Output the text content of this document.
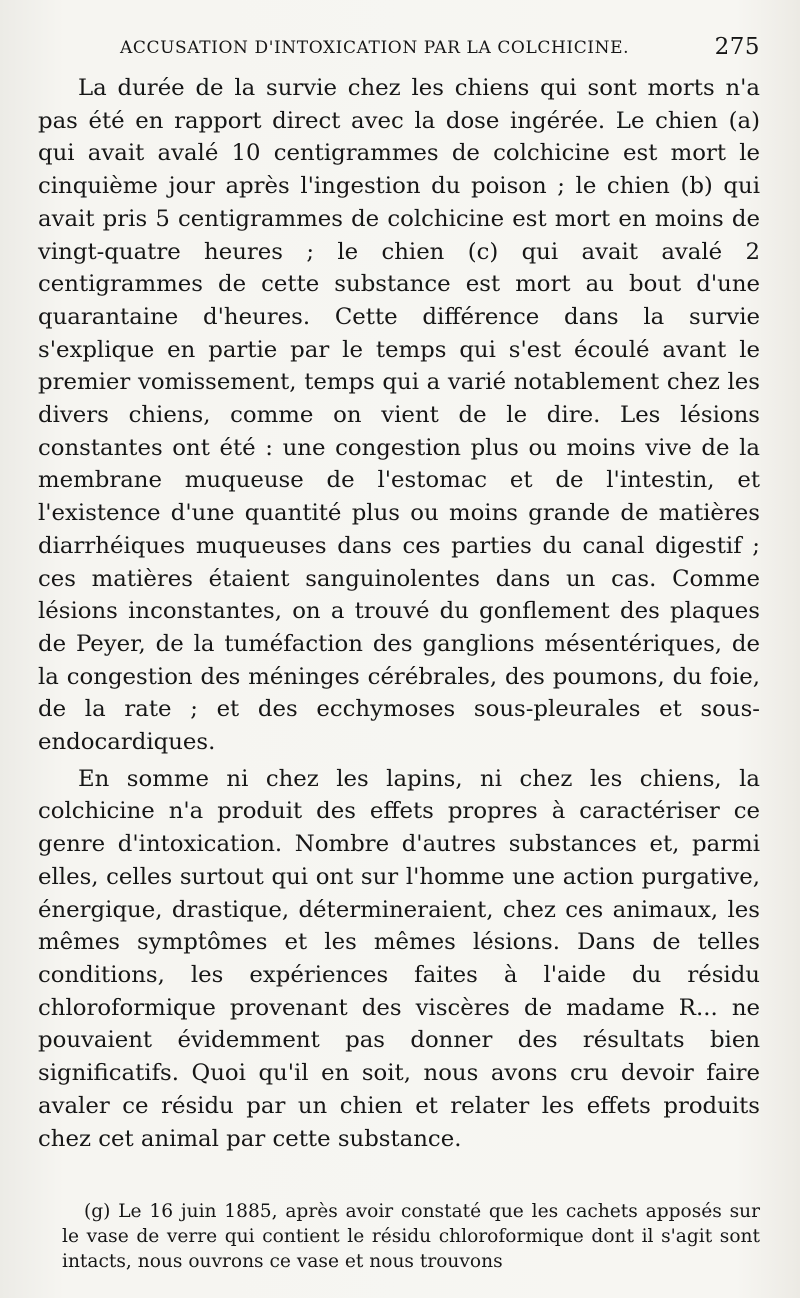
ACCUSATION D'INTOXICATION PAR LA COLCHICINE.	275

La durée de la survie chez les chiens qui sont morts n'a pas été en rapport direct avec la dose ingérée. Le chien (a) qui avait avalé 10 centigrammes de colchicine est mort le cinquième jour après l'ingestion du poison ; le chien (b) qui avait pris 5 centigrammes de colchicine est mort en moins de vingt-quatre heures ; le chien (c) qui avait avalé 2 centigrammes de cette substance est mort au bout d'une quarantaine d'heures. Cette différence dans la survie s'explique en partie par le temps qui s'est écoulé avant le premier vomissement, temps qui a varié notablement chez les divers chiens, comme on vient de le dire. Les lésions constantes ont été : une congestion plus ou moins vive de la membrane muqueuse de l'estomac et de l'intestin, et l'existence d'une quantité plus ou moins grande de matières diarrhéiques muqueuses dans ces parties du canal digestif ; ces matières étaient sanguinolentes dans un cas. Comme lésions inconstantes, on a trouvé du gonflement des plaques de Peyer, de la tuméfaction des ganglions mésentériques, de la congestion des méninges cérébrales, des poumons, du foie, de la rate ; et des ecchymoses sous-pleurales et sous-endocardiques.

En somme ni chez les lapins, ni chez les chiens, la colchicine n'a produit des effets propres à caractériser ce genre d'intoxication. Nombre d'autres substances et, parmi elles, celles surtout qui ont sur l'homme une action purgative, énergique, drastique, détermineraient, chez ces animaux, les mêmes symptômes et les mêmes lésions. Dans de telles conditions, les expériences faites à l'aide du résidu chloroformique provenant des viscères de madame R... ne pouvaient évidemment pas donner des résultats bien significatifs. Quoi qu'il en soit, nous avons cru devoir faire avaler ce résidu par un chien et relater les effets produits chez cet animal par cette substance.

(g) Le 16 juin 1885, après avoir constaté que les cachets apposés sur le vase de verre qui contient le résidu chloroformique dont il s'agit sont intacts, nous ouvrons ce vase et nous trouvons
